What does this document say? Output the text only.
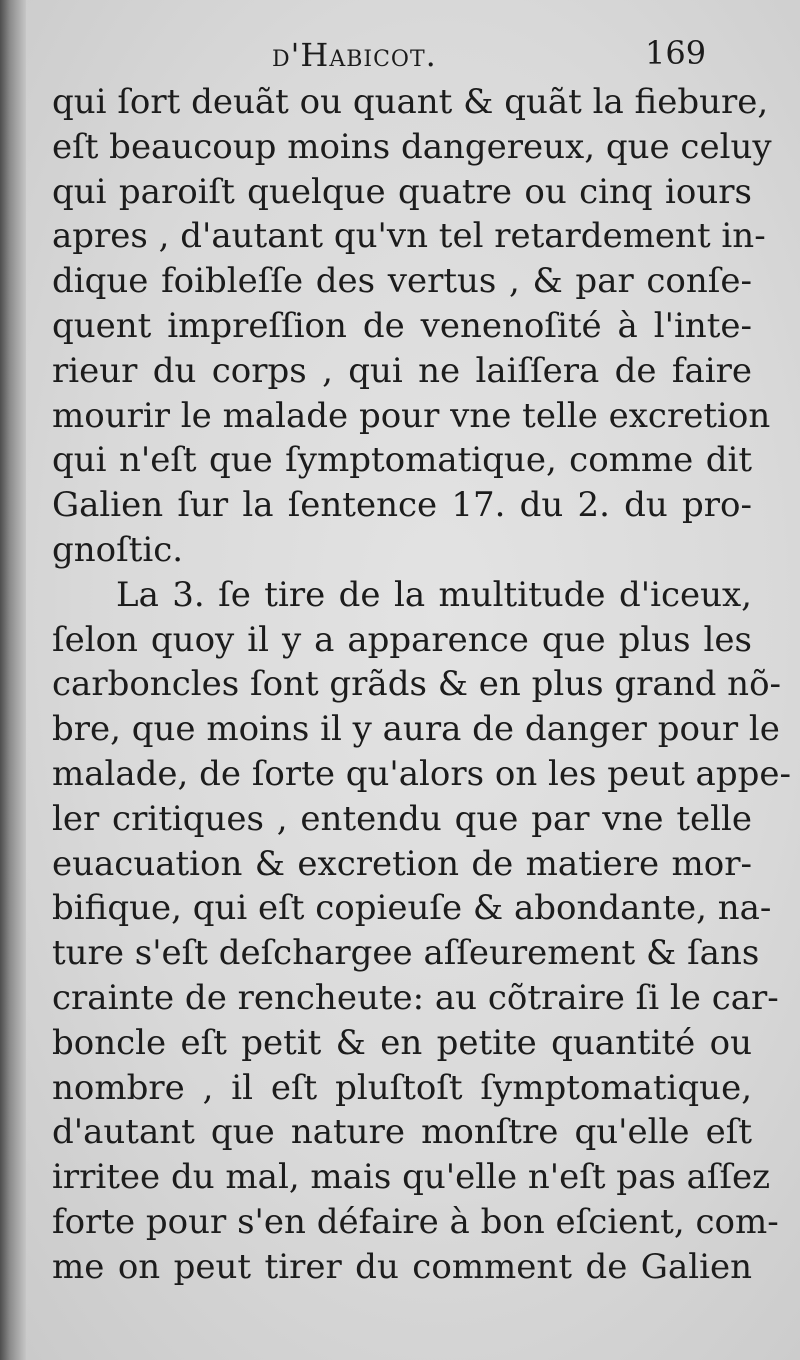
d'Habicot.	169
qui ſort deuãt ou quant & quãt la fiebure,
eſt beaucoup moins dangereux, que celuy
qui paroiſt quelque quatre ou cinq iours
apres , d'autant qu'vn tel retardement in-
dique foibleſſe des vertus , & par conſe-
quent impreſſion de venenoſité à l'inte-
rieur du corps , qui ne laiſſera de faire
mourir le malade pour vne telle excretion
qui n'eſt que ſymptomatique, comme dit
Galien ſur la ſentence 17. du 2. du pro-
gnoſtic.
La 3. ſe tire de la multitude d'iceux,
ſelon quoy il y a apparence que plus les
carboncles ſont grãds & en plus grand nõ-
bre, que moins il y aura de danger pour le
malade, de ſorte qu'alors on les peut appe-
ler critiques , entendu que par vne telle
euacuation & excretion de matiere mor-
bifique, qui eſt copieuſe & abondante, na-
ture s'eſt deſchargee aſſeurement & ſans
crainte de rencheute: au cõtraire ſi le car-
boncle eſt petit & en petite quantité ou
nombre , il eſt pluſtoſt ſymptomatique,
d'autant que nature monſtre qu'elle eſt
irritee du mal, mais qu'elle n'eſt pas aſſez
forte pour s'en défaire à bon eſcient, com-
me on peut tirer du comment de Galien
